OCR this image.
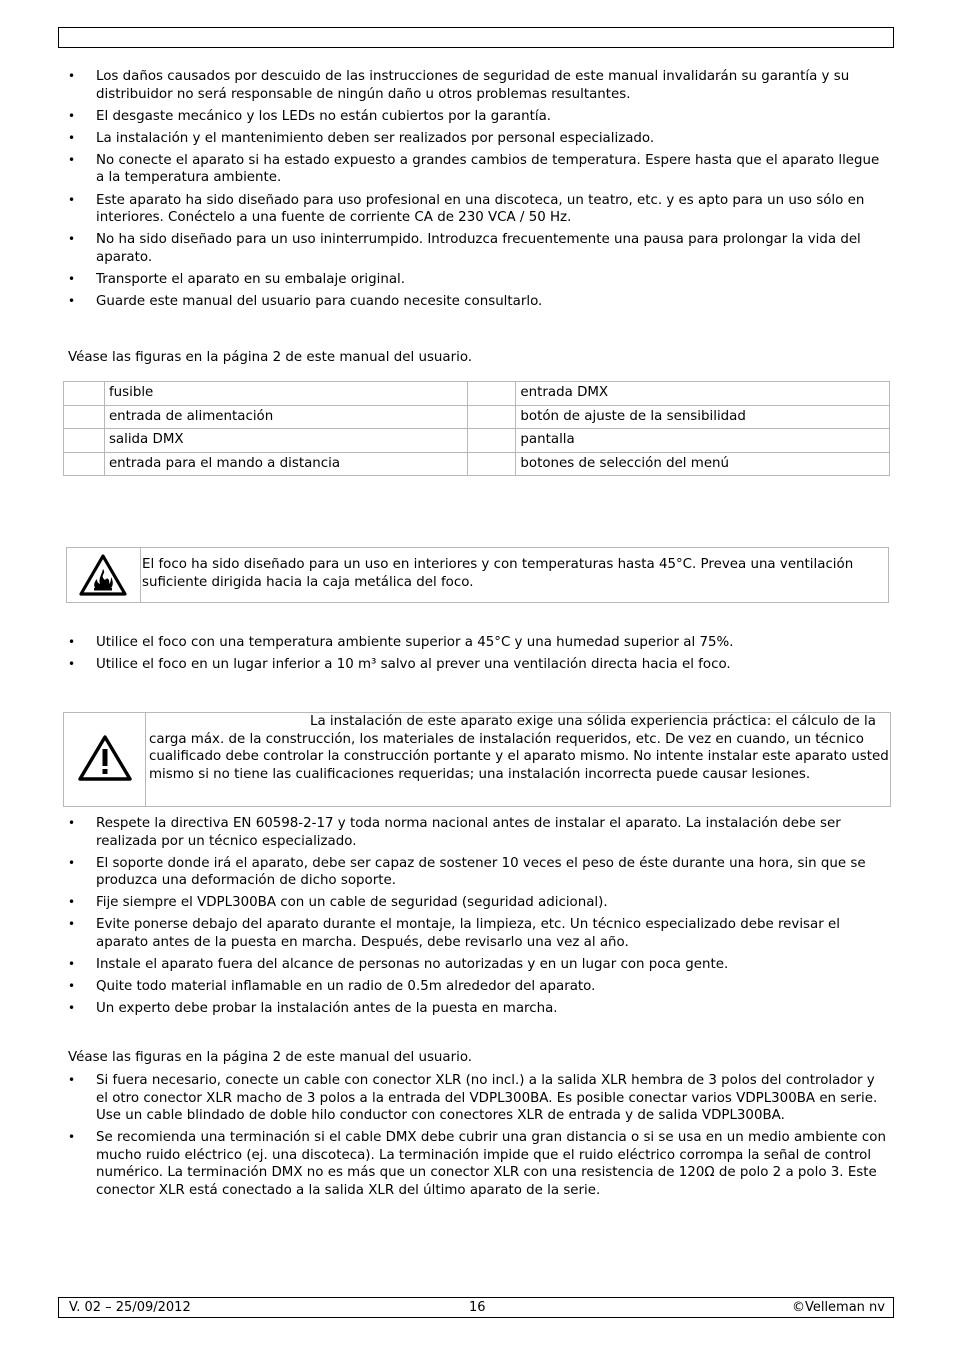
• Los daños causados por descuido de las instrucciones de seguridad de este manual invalidarán su garantía y su distribuidor no será responsable de ningún daño u otros problemas resultantes.
• El desgaste mecánico y los LEDs no están cubiertos por la garantía.
• La instalación y el mantenimiento deben ser realizados por personal especializado.
• No conecte el aparato si ha estado expuesto a grandes cambios de temperatura. Espere hasta que el aparato llegue a la temperatura ambiente.
• Este aparato ha sido diseñado para uso profesional en una discoteca, un teatro, etc. y es apto para un uso sólo en interiores. Conéctelo a una fuente de corriente CA de 230 VCA / 50 Hz.
• No ha sido diseñado para un uso ininterrumpido. Introduzca frecuentemente una pausa para prolongar la vida del aparato.
• Transporte el aparato en su embalaje original.
• Guarde este manual del usuario para cuando necesite consultarlo.
Véase las figuras en la página 2 de este manual del usuario.
	fusible		entrada DMX
	entrada de alimentación		botón de ajuste de la sensibilidad
	salida DMX		pantalla
	entrada para el mando a distancia		botones de selección del menú
El foco ha sido diseñado para un uso en interiores y con temperaturas hasta 45°C. Prevea una ventilación suficiente dirigida hacia la caja metálica del foco.
• Utilice el foco con una temperatura ambiente superior a 45°C y una humedad superior al 75%.
• Utilice el foco en un lugar inferior a 10 m³ salvo al prever una ventilación directa hacia el foco.
La instalación de este aparato exige una sólida experiencia práctica: el cálculo de la carga máx. de la construcción, los materiales de instalación requeridos, etc. De vez en cuando, un técnico cualificado debe controlar la construcción portante y el aparato mismo. No intente instalar este aparato usted mismo si no tiene las cualificaciones requeridas; una instalación incorrecta puede causar lesiones.
• Respete la directiva EN 60598-2-17 y toda norma nacional antes de instalar el aparato. La instalación debe ser realizada por un técnico especializado.
• El soporte donde irá el aparato, debe ser capaz de sostener 10 veces el peso de éste durante una hora, sin que se produzca una deformación de dicho soporte.
• Fije siempre el VDPL300BA con un cable de seguridad (seguridad adicional).
• Evite ponerse debajo del aparato durante el montaje, la limpieza, etc. Un técnico especializado debe revisar el aparato antes de la puesta en marcha. Después, debe revisarlo una vez al año.
• Instale el aparato fuera del alcance de personas no autorizadas y en un lugar con poca gente.
• Quite todo material inflamable en un radio de 0.5m alrededor del aparato.
• Un experto debe probar la instalación antes de la puesta en marcha.
Véase las figuras en la página 2 de este manual del usuario.
• Si fuera necesario, conecte un cable con conector XLR (no incl.) a la salida XLR hembra de 3 polos del controlador y el otro conector XLR macho de 3 polos a la entrada del VDPL300BA. Es posible conectar varios VDPL300BA en serie. Use un cable blindado de doble hilo conductor con conectores XLR de entrada y de salida VDPL300BA.
• Se recomienda una terminación si el cable DMX debe cubrir una gran distancia o si se usa en un medio ambiente con mucho ruido eléctrico (ej. una discoteca). La terminación impide que el ruido eléctrico corrompa la señal de control numérico. La terminación DMX no es más que un conector XLR con una resistencia de 120Ω de polo 2 a polo 3. Este conector XLR está conectado a la salida XLR del último aparato de la serie.
V. 02 – 25/09/2012	16	©Velleman nv
